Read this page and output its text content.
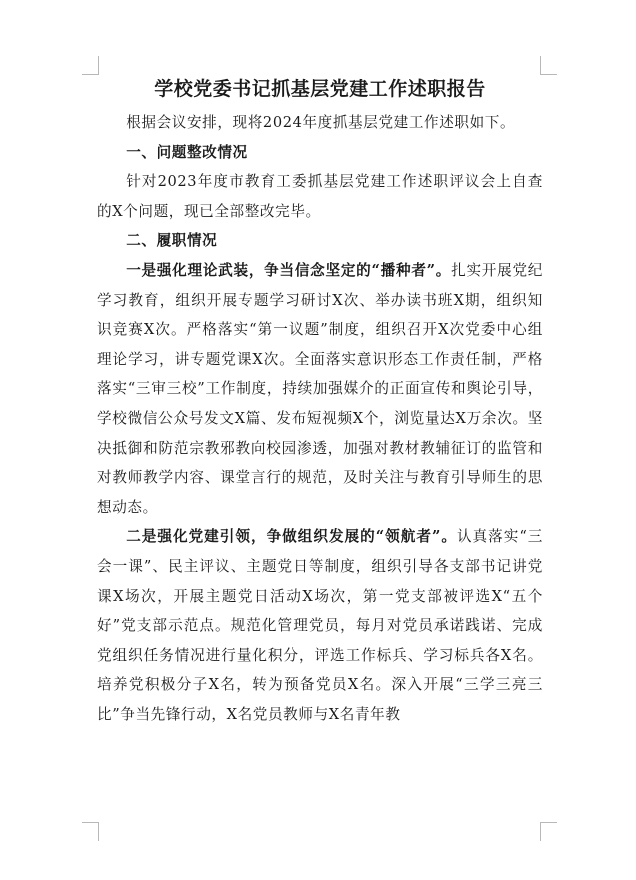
学校党委书记抓基层党建工作述职报告

根据会议安排，现将2024年度抓基层党建工作述职如下。

一、问题整改情况

针对2023年度市教育工委抓基层党建工作述职评议会上自查的X个问题，现已全部整改完毕。

二、履职情况

一是强化理论武装，争当信念坚定的“播种者”。扎实开展党纪学习教育，组织开展专题学习研讨X次、举办读书班X期，组织知识竞赛X次。严格落实“第一议题”制度，组织召开X次党委中心组理论学习，讲专题党课X次。全面落实意识形态工作责任制，严格落实“三审三校”工作制度，持续加强媒介的正面宣传和舆论引导，学校微信公众号发文X篇、发布短视频X个，浏览量达X万余次。坚决抵御和防范宗教邪教向校园渗透，加强对教材教辅征订的监管和对教师教学内容、课堂言行的规范，及时关注与教育引导师生的思想动态。

二是强化党建引领，争做组织发展的“领航者”。认真落实“三会一课”、民主评议、主题党日等制度，组织引导各支部书记讲党课X场次，开展主题党日活动X场次，第一党支部被评选X“五个好”党支部示范点。规范化管理党员，每月对党员承诺践诺、完成党组织任务情况进行量化积分，评选工作标兵、学习标兵各X名。培养党积极分子X名，转为预备党员X名。深入开展“三学三亮三比”争当先锋行动，X名党员教师与X名青年教
